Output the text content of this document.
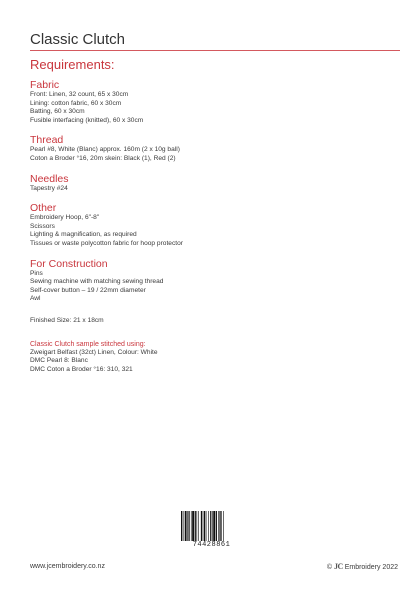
Classic Clutch
Requirements:
Fabric
Front: Linen, 32 count, 65 x 30cm
Lining: cotton fabric, 60 x 30cm
Batting, 60 x 30cm
Fusible interfacing (knitted), 60 x 30cm
Thread
Pearl #8, White (Blanc) approx. 160m (2 x 10g ball)
Coton a Broder °16, 20m skein: Black (1), Red (2)
Needles
Tapestry #24
Other
Embroidery Hoop, 6"-8"
Scissors
Lighting & magnification, as required
Tissues or waste polycotton fabric for hoop protector
For Construction
Pins
Sewing machine with matching sewing thread
Self-cover button – 19 / 22mm diameter
Awl
Finished Size: 21 x 18cm
Classic Clutch sample stitched using:
Zweigart Belfast (32ct) Linen, Colour: White
DMC Pearl 8: Blanc
DMC Coton a Broder °16: 310, 321
74428861
www.jcembroidery.co.nz	© JC Embroidery 2022
